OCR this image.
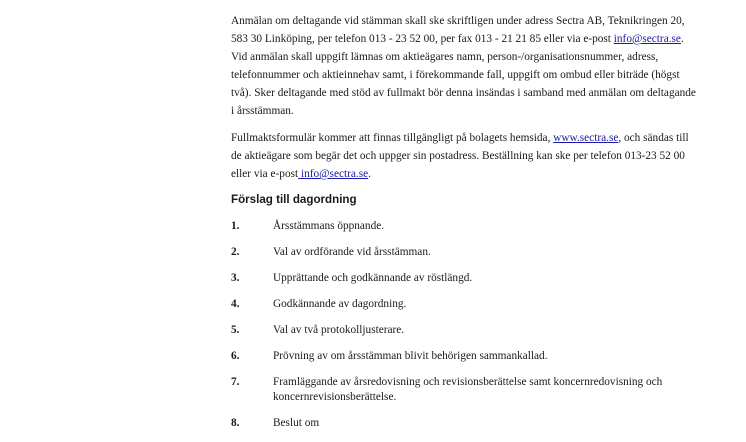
Anmälan om deltagande vid stämman skall ske skriftligen under adress Sectra AB, Teknikringen 20, 583 30 Linköping, per telefon 013 - 23 52 00, per fax 013 - 21 21 85 eller via e-post info@sectra.se. Vid anmälan skall uppgift lämnas om aktieägares namn, person-/organisationsnummer, adress, telefonnummer och aktieinnehav samt, i förekommande fall, uppgift om ombud eller biträde (högst två). Sker deltagande med stöd av fullmakt bör denna insändas i samband med anmälan om deltagande i årsstämman.

Fullmaktsformulär kommer att finnas tillgängligt på bolagets hemsida, www.sectra.se, och sändas till de aktieägare som begär det och uppger sin postadress. Beställning kan ske per telefon 013-23 52 00 eller via e-post info@sectra.se.

Förslag till dagordning
1.	Årsstämmans öppnande.
2.	Val av ordförande vid årsstämman.
3.	Upprättande och godkännande av röstlängd.
4.	Godkännande av dagordning.
5.	Val av två protokolljusterare.
6.	Prövning av om årsstämman blivit behörigen sammankallad.
7.	Framläggande av årsredovisning och revisionsberättelse samt koncernredovisning och koncernrevisionsberättelse.
8.	Beslut om
